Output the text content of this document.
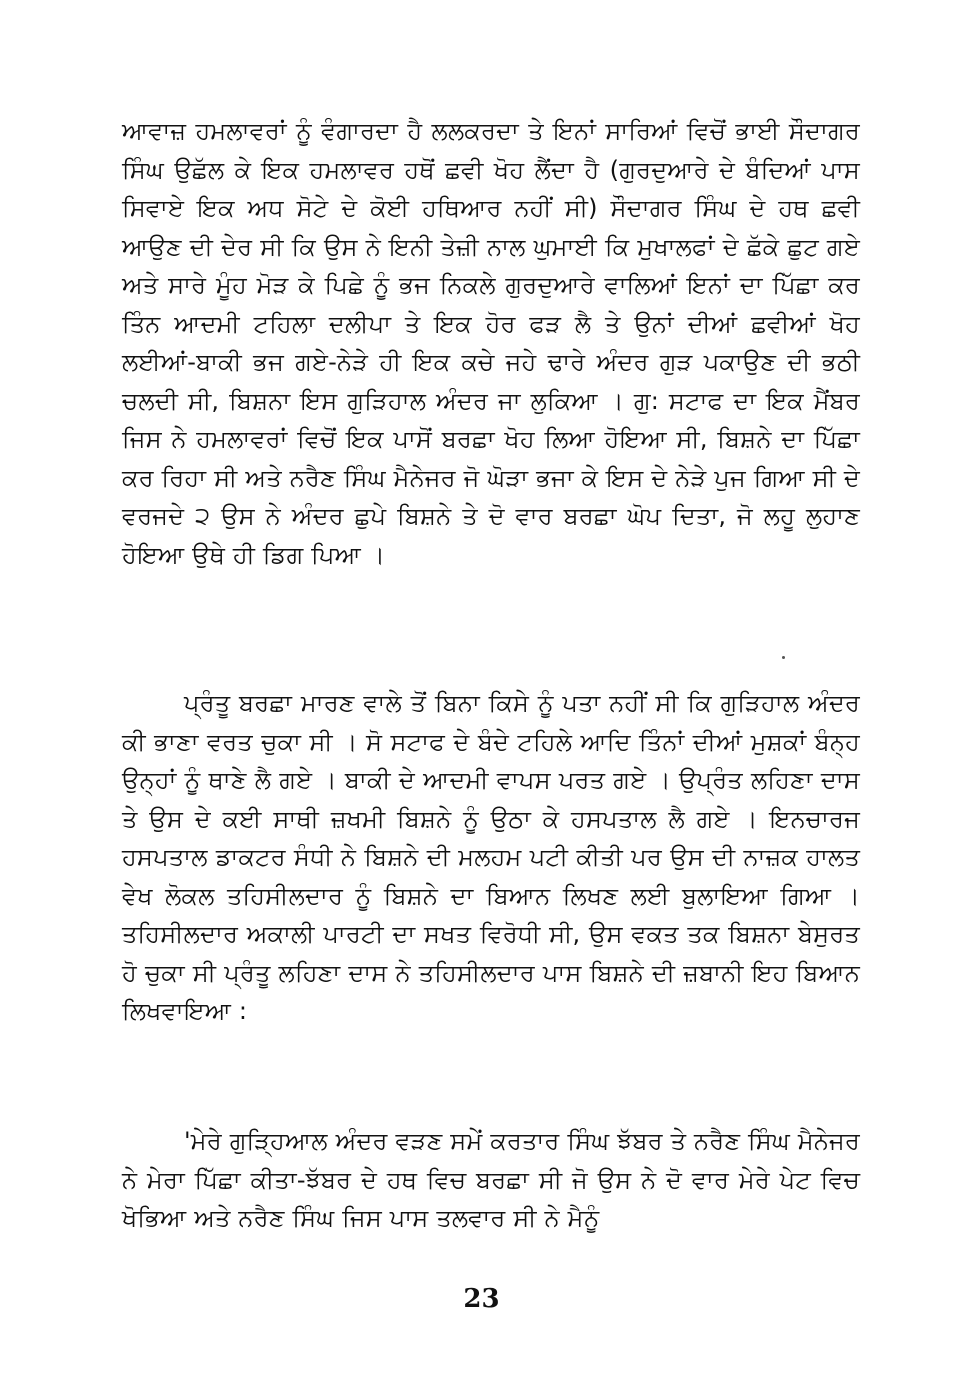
ਆਵਾਜ਼ ਹਮਲਾਵਰਾਂ ਨੂੰ ਵੰਗਾਰਦਾ ਹੈ ਲਲਕਰਦਾ ਤੇ ਇਨਾਂ ਸਾਰਿਆਂ ਵਿਚੋਂ ਭਾਈ ਸੌਦਾਗਰ ਸਿੰਘ ਉਛੱਲ ਕੇ ਇਕ ਹਮਲਾਵਰ ਹਥੋਂ ਛਵੀ ਖੋਹ ਲੈਂਦਾ ਹੈ (ਗੁਰਦੁਆਰੇ ਦੇ ਬੰਦਿਆਂ ਪਾਸ ਸਿਵਾਏ ਇਕ ਅਧ ਸੋਟੇ ਦੇ ਕੋਈ ਹਥਿਆਰ ਨਹੀਂ ਸੀ) ਸੌਦਾਗਰ ਸਿੰਘ ਦੇ ਹਥ ਛਵੀ ਆਉਣ ਦੀ ਦੇਰ ਸੀ ਕਿ ਉਸ ਨੇ ਇਨੀ ਤੇਜ਼ੀ ਨਾਲ ਘੁਮਾਈ ਕਿ ਮੁਖਾਲਫਾਂ ਦੇ ਛੱਕੇ ਛੁਟ ਗਏ ਅਤੇ ਸਾਰੇ ਮੂੰਹ ਮੋੜ ਕੇ ਪਿਛੇ ਨੂੰ ਭਜ ਨਿਕਲੇ ਗੁਰਦੁਆਰੇ ਵਾਲਿਆਂ ਇਨਾਂ ਦਾ ਪਿੱਛਾ ਕਰ ਤਿੰਨ ਆਦਮੀ ਟਹਿਲਾ ਦਲੀਪਾ ਤੇ ਇਕ ਹੋਰ ਫੜ ਲੈ ਤੇ ਉਨਾਂ ਦੀਆਂ ਛਵੀਆਂ ਖੋਹ ਲਈਆਂ-ਬਾਕੀ ਭਜ ਗਏ-ਨੇੜੇ ਹੀ ਇਕ ਕਚੇ ਜਹੇ ਢਾਰੇ ਅੰਦਰ ਗੁੜ ਪਕਾਉਣ ਦੀ ਭਠੀ ਚਲਦੀ ਸੀ, ਬਿਸ਼ਨਾ ਇਸ ਗੁੜਿਹਾਲ ਅੰਦਰ ਜਾ ਲੁਕਿਆ । ਗੁ: ਸਟਾਫ ਦਾ ਇਕ ਮੈਂਬਰ ਜਿਸ ਨੇ ਹਮਲਾਵਰਾਂ ਵਿਚੋਂ ਇਕ ਪਾਸੋਂ ਬਰਛਾ ਖੋਹ ਲਿਆ ਹੋਇਆ ਸੀ, ਬਿਸ਼ਨੇ ਦਾ ਪਿੱਛਾ ਕਰ ਰਿਹਾ ਸੀ ਅਤੇ ਨਰੈਣ ਸਿੰਘ ਮੈਨੇਜਰ ਜੋ ਘੋੜਾ ਭਜਾ ਕੇ ਇਸ ਦੇ ਨੇੜੇ ਪੁਜ ਗਿਆ ਸੀ ਦੇ ਵਰਜਦੇ ੨ ਉਸ ਨੇ ਅੰਦਰ ਛੁਪੇ ਬਿਸ਼ਨੇ ਤੇ ਦੋ ਵਾਰ ਬਰਛਾ ਘੋਪ ਦਿਤਾ, ਜੋ ਲਹੂ ਲੁਹਾਣ ਹੋਇਆ ਉਥੇ ਹੀ ਡਿਗ ਪਿਆ ।

ਪ੍ਰੰਤੂ ਬਰਛਾ ਮਾਰਣ ਵਾਲੇ ਤੋਂ ਬਿਨਾ ਕਿਸੇ ਨੂੰ ਪਤਾ ਨਹੀਂ ਸੀ ਕਿ ਗੁੜਿਹਾਲ ਅੰਦਰ ਕੀ ਭਾਣਾ ਵਰਤ ਚੁਕਾ ਸੀ । ਸੋ ਸਟਾਫ ਦੇ ਬੰਦੇ ਟਹਿਲੇ ਆਦਿ ਤਿੰਨਾਂ ਦੀਆਂ ਮੁਸ਼ਕਾਂ ਬੰਨ੍ਹ ਉਨ੍ਹਾਂ ਨੂੰ ਥਾਣੇ ਲੈ ਗਏ । ਬਾਕੀ ਦੇ ਆਦਮੀ ਵਾਪਸ ਪਰਤ ਗਏ । ਉਪ੍ਰੰਤ ਲਹਿਣਾ ਦਾਸ ਤੇ ਉਸ ਦੇ ਕਈ ਸਾਥੀ ਜ਼ਖਮੀ ਬਿਸ਼ਨੇ ਨੂੰ ਉਠਾ ਕੇ ਹਸਪਤਾਲ ਲੈ ਗਏ । ਇਨਚਾਰਜ ਹਸਪਤਾਲ ਡਾਕਟਰ ਸੰਧੀ ਨੇ ਬਿਸ਼ਨੇ ਦੀ ਮਲਹਮ ਪਟੀ ਕੀਤੀ ਪਰ ਉਸ ਦੀ ਨਾਜ਼ਕ ਹਾਲਤ ਵੇਖ ਲੋਕਲ ਤਹਿਸੀਲਦਾਰ ਨੂੰ ਬਿਸ਼ਨੇ ਦਾ ਬਿਆਨ ਲਿਖਣ ਲਈ ਬੁਲਾਇਆ ਗਿਆ । ਤਹਿਸੀਲਦਾਰ ਅਕਾਲੀ ਪਾਰਟੀ ਦਾ ਸਖਤ ਵਿਰੋਧੀ ਸੀ, ਉਸ ਵਕਤ ਤਕ ਬਿਸ਼ਨਾ ਬੇਸੁਰਤ ਹੋ ਚੁਕਾ ਸੀ ਪ੍ਰੰਤੂ ਲਹਿਣਾ ਦਾਸ ਨੇ ਤਹਿਸੀਲਦਾਰ ਪਾਸ ਬਿਸ਼ਨੇ ਦੀ ਜ਼ਬਾਨੀ ਇਹ ਬਿਆਨ ਲਿਖਵਾਇਆ :

'ਮੇਰੇ ਗੁੜ੍ਹਿਆਲ ਅੰਦਰ ਵੜਣ ਸਮੇਂ ਕਰਤਾਰ ਸਿੰਘ ਝੱਬਰ ਤੇ ਨਰੈਣ ਸਿੰਘ ਮੈਨੇਜਰ ਨੇ ਮੇਰਾ ਪਿੱਛਾ ਕੀਤਾ-ਝੱਬਰ ਦੇ ਹਥ ਵਿਚ ਬਰਛਾ ਸੀ ਜੋ ਉਸ ਨੇ ਦੋ ਵਾਰ ਮੇਰੇ ਪੇਟ ਵਿਚ ਖੋਭਿਆ ਅਤੇ ਨਰੈਣ ਸਿੰਘ ਜਿਸ ਪਾਸ ਤਲਵਾਰ ਸੀ ਨੇ ਮੈਨੂੰ

23
